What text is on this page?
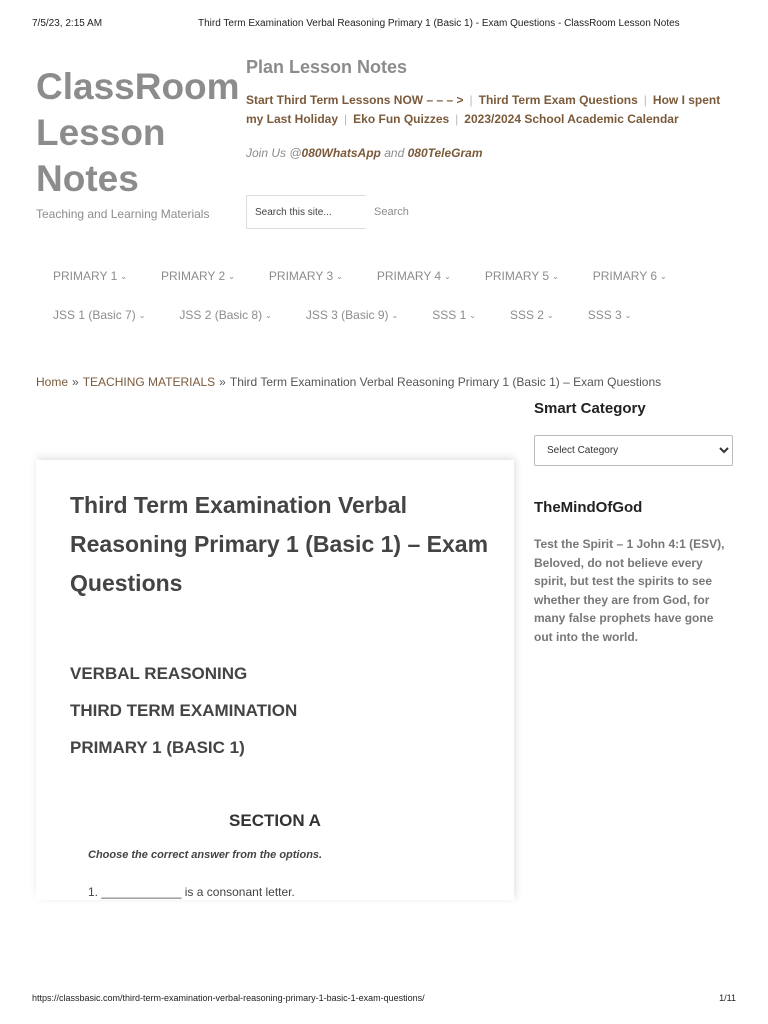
7/5/23, 2:15 AM	Third Term Examination Verbal Reasoning Primary 1 (Basic 1) - Exam Questions - ClassRoom Lesson Notes
ClassRoom Lesson Notes
Teaching and Learning Materials
Plan Lesson Notes
Start Third Term Lessons NOW – – – > | Third Term Exam Questions | How I spent my Last Holiday | Eko Fun Quizzes | 2023/2024 School Academic Calendar
Join Us @080WhatsApp and 080TeleGram
Search this site...
Search
PRIMARY 1 ⌄	PRIMARY 2 ⌄	PRIMARY 3 ⌄	PRIMARY 4 ⌄	PRIMARY 5 ⌄	PRIMARY 6 ⌄
JSS 1 (Basic 7) ⌄	JSS 2 (Basic 8) ⌄	JSS 3 (Basic 9) ⌄	SSS 1 ⌄	SSS 2 ⌄	SSS 3 ⌄
Home » TEACHING MATERIALS » Third Term Examination Verbal Reasoning Primary 1 (Basic 1) – Exam Questions
Third Term Examination Verbal Reasoning Primary 1 (Basic 1) – Exam Questions
VERBAL REASONING
THIRD TERM EXAMINATION
PRIMARY 1 (BASIC 1)
SECTION A
Choose the correct answer from the options.
1. ____________ is a consonant letter.
Smart Category
Select Category
TheMindOfGod
Test the Spirit – 1 John 4:1 (ESV), Beloved, do not believe every spirit, but test the spirits to see whether they are from God, for many false prophets have gone out into the world.
https://classbasic.com/third-term-examination-verbal-reasoning-primary-1-basic-1-exam-questions/	1/11
